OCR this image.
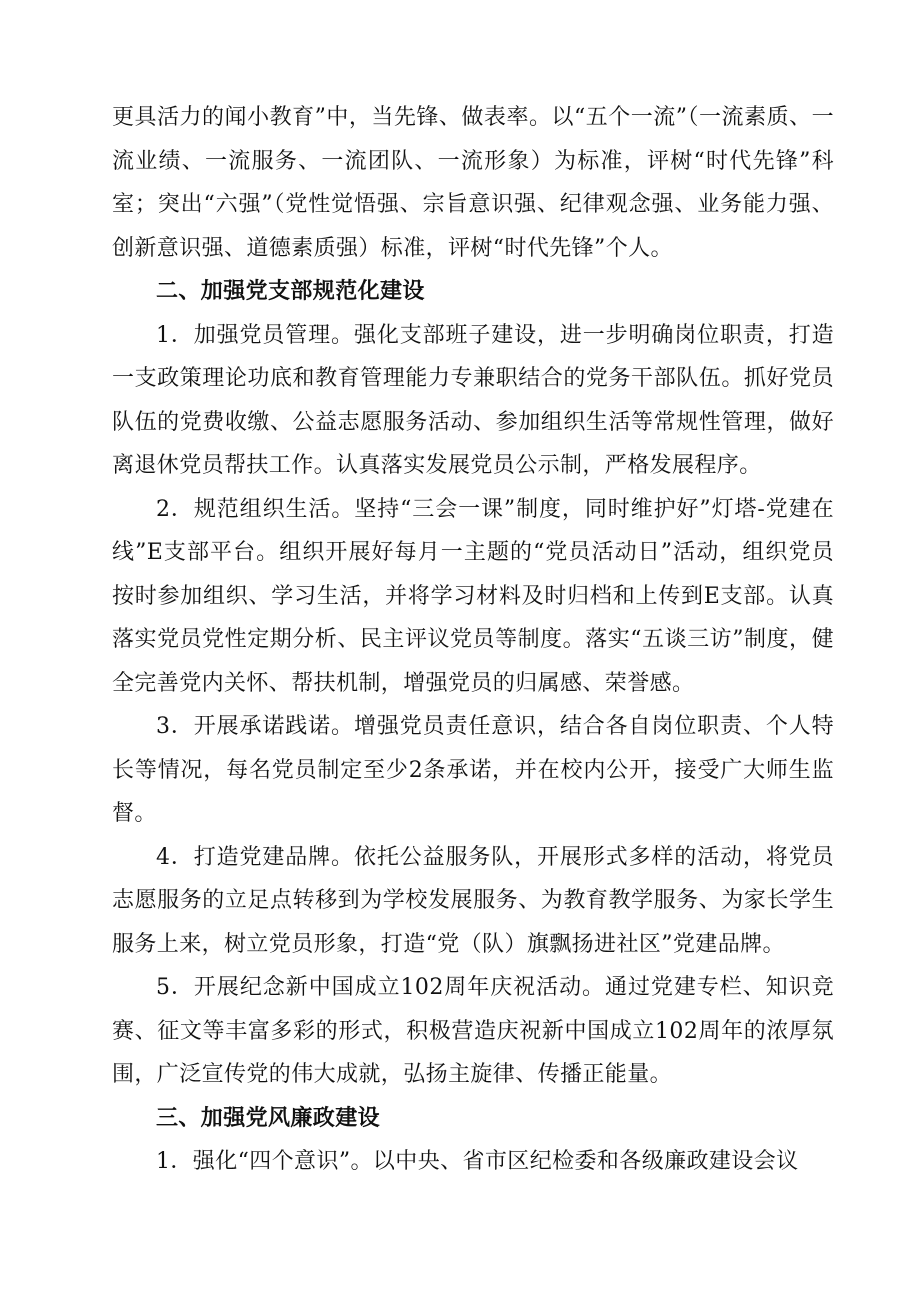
更具活力的闻小教育”中，当先锋、做表率。以“五个一流”（一流素质、一流业绩、一流服务、一流团队、一流形象）为标准，评树“时代先锋”科室；突出“六强”（党性觉悟强、宗旨意识强、纪律观念强、业务能力强、创新意识强、道德素质强）标准，评树“时代先锋”个人。

二、加强党支部规范化建设

1．加强党员管理。强化支部班子建设，进一步明确岗位职责，打造一支政策理论功底和教育管理能力专兼职结合的党务干部队伍。抓好党员队伍的党费收缴、公益志愿服务活动、参加组织生活等常规性管理，做好离退休党员帮扶工作。认真落实发展党员公示制，严格发展程序。

2．规范组织生活。坚持“三会一课”制度，同时维护好”灯塔-党建在线”E支部平台。组织开展好每月一主题的“党员活动日”活动，组织党员按时参加组织、学习生活，并将学习材料及时归档和上传到E支部。认真落实党员党性定期分析、民主评议党员等制度。落实“五谈三访”制度，健全完善党内关怀、帮扶机制，增强党员的归属感、荣誉感。

3．开展承诺践诺。增强党员责任意识，结合各自岗位职责、个人特长等情况，每名党员制定至少2条承诺，并在校内公开，接受广大师生监督。

4．打造党建品牌。依托公益服务队，开展形式多样的活动，将党员志愿服务的立足点转移到为学校发展服务、为教育教学服务、为家长学生服务上来，树立党员形象，打造“党（队）旗飘扬进社区”党建品牌。

5．开展纪念新中国成立102周年庆祝活动。通过党建专栏、知识竞赛、征文等丰富多彩的形式，积极营造庆祝新中国成立102周年的浓厚氛围，广泛宣传党的伟大成就，弘扬主旋律、传播正能量。

三、加强党风廉政建设

1．强化“四个意识”。以中央、省市区纪检委和各级廉政建设会议
